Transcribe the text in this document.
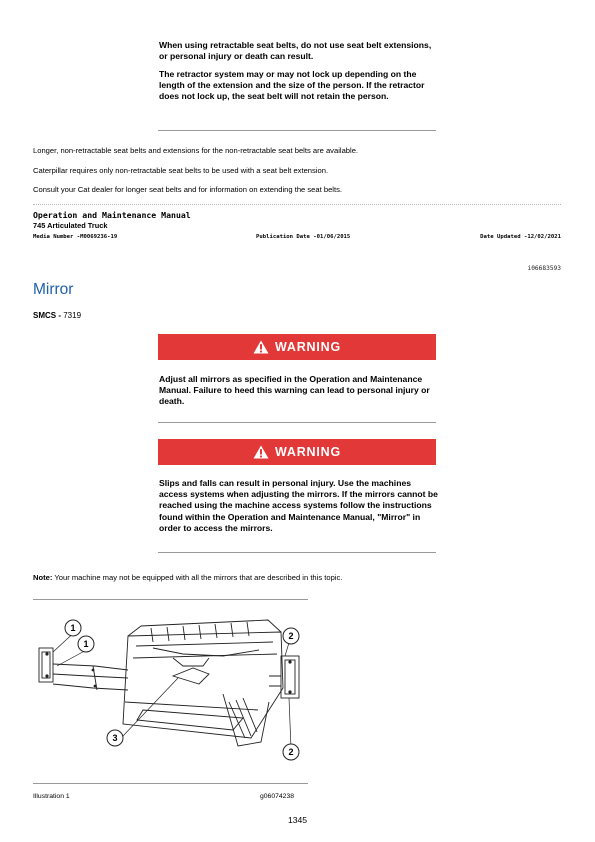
When using retractable seat belts, do not use seat belt extensions, or personal injury or death can result.
The retractor system may or may not lock up depending on the length of the extension and the size of the person. If the retractor does not lock up, the seat belt will not retain the person.
Longer, non-retractable seat belts and extensions for the non-retractable seat belts are available.
Caterpillar requires only non-retractable seat belts to be used with a seat belt extension.
Consult your Cat dealer for longer seat belts and for information on extending the seat belts.
Operation and Maintenance Manual
745 Articulated Truck
Media Number -M0069236-19	Publication Date -01/06/2015	Date Updated -12/02/2021
i06683593
Mirror
SMCS - 7319
WARNING
Adjust all mirrors as specified in the Operation and Maintenance Manual. Failure to heed this warning can lead to personal injury or death.
WARNING
Slips and falls can result in personal injury. Use the machines access systems when adjusting the mirrors. If the mirrors cannot be reached using the machine access systems follow the instructions found within the Operation and Maintenance Manual, "Mirror" in order to access the mirrors.
Note: Your machine may not be equipped with all the mirrors that are described in this topic.
1
1
2
2
3
Illustration 1	g06074238
1345
